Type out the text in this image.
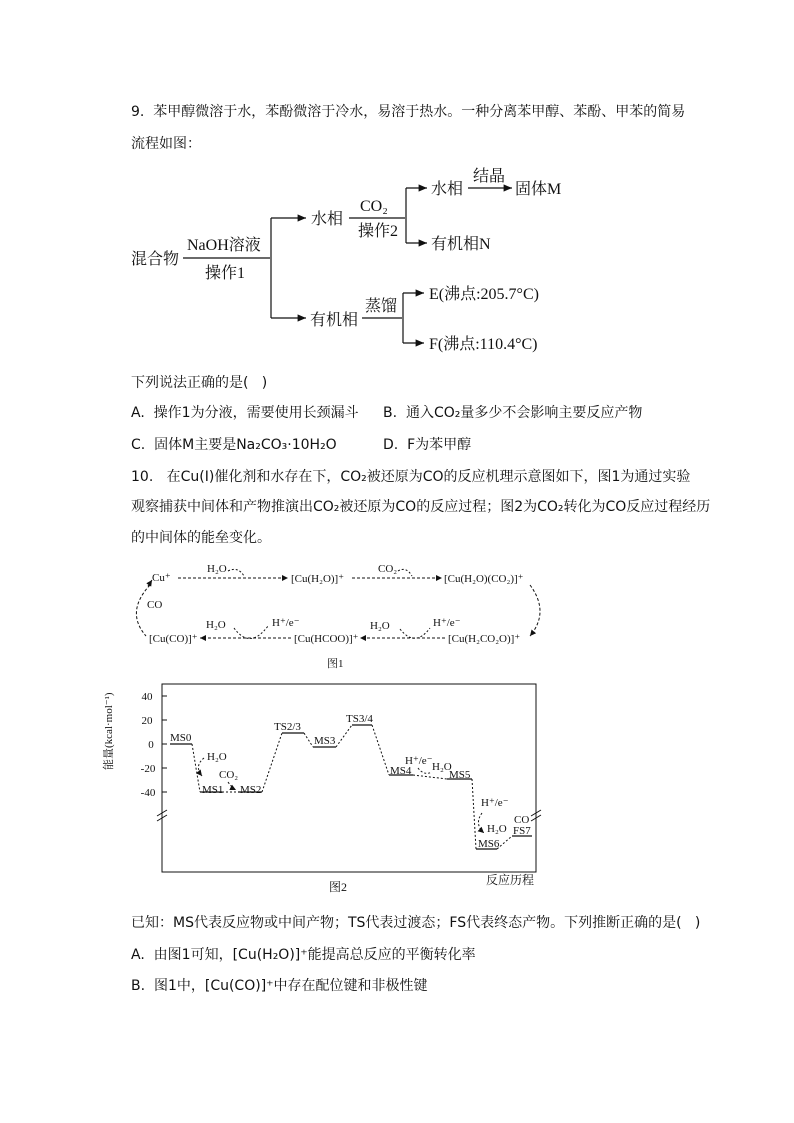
9.  苯甲醇微溶于水，苯酚微溶于冷水，易溶于热水。一种分离苯甲醇、苯酚、甲苯的简易
流程如图：
混合物
NaOH溶液
操作1
水相
CO₂
操作2
水相
结晶
固体M
有机相N
有机相
蒸馏
E(沸点:205.7°C)
F(沸点:110.4°C)
Cu⁺
H₂O
[Cu(H₂O)]⁺
CO₂
[Cu(H₂O)(CO₂)]⁺
CO
[Cu(H₂CO₂O)]⁺
H₂O	H⁺/e⁻
[Cu(HCOO)]⁺
H₂O	H⁺/e⁻
[Cu(CO)]⁺
图1
40
20
0
-20
-40
能量(kcal·mol⁻¹)	MS0
MS1 MS2
TS2/3
MS3
TS3/4
MS4	MS5
MS6
FS7
H₂O
CO₂
H⁺/e⁻ H₂O
H⁺/e⁻
H₂O
CO
反应历程
图2
下列说法正确的是(   )
A.  操作1为分液，需要使用长颈漏斗 B.  通入CO₂量多少不会影响主要反应产物
C.  固体M主要是Na₂CO₃·10H₂O	D.  F为苯甲醇
10.   在Cu(Ⅰ)催化剂和水存在下，CO₂被还原为CO的反应机理示意图如下，图1为通过实验
观察捕获中间体和产物推演出CO₂被还原为CO的反应过程；图2为CO₂转化为CO反应过程经历
的中间体的能垒变化。
已知：MS代表反应物或中间产物；TS代表过渡态；FS代表终态产物。下列推断正确的是(   )
A.  由图1可知，[Cu(H₂O)]⁺能提高总反应的平衡转化率
B.  图1中，[Cu(CO)]⁺中存在配位键和非极性键
